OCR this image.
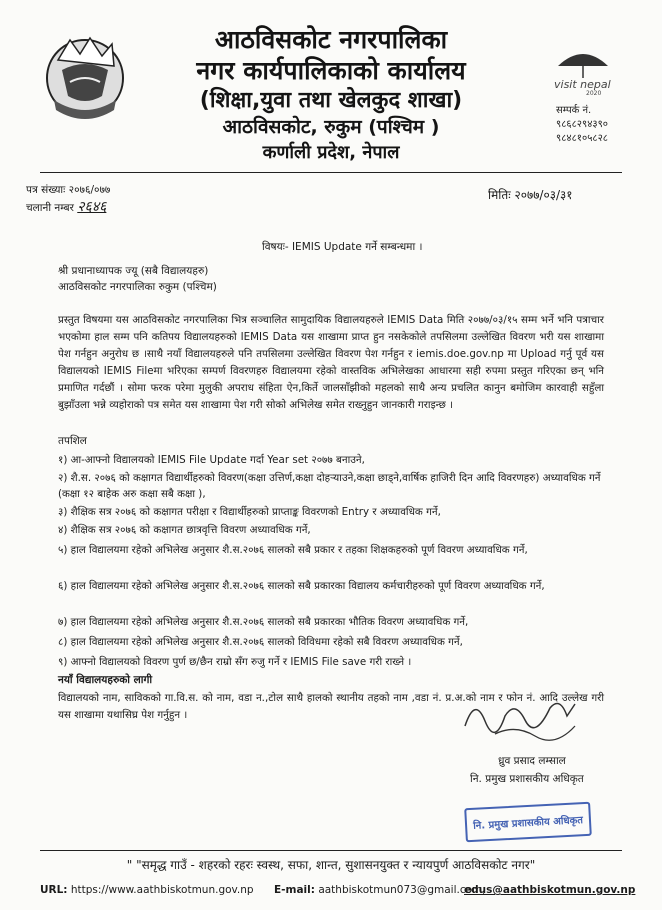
आठविसकोट नगरपालिका
नगर कार्यपालिकाको कार्यालय
(शिक्षा,युवा तथा खेलकुद शाखा)
आठविसकोट, रुकुम (पश्चिम )
कर्णाली प्रदेश, नेपाल
visit nepal
2020
सम्पर्क नं.
९८६८२९४३९०
९८४८१०५८२८
पत्र संख्याः २०७६/०७७
चलानी नम्बर २६४६
मितिः २०७७/०३/३१
विषयः- IEMIS Update गर्ने सम्बन्धमा ।
श्री प्रधानाध्यापक ज्यू (सबै विद्यालयहरु)
आठविसकोट नगरपालिका रुकुम (पश्चिम)
प्रस्तुत विषयमा यस आठविसकोट नगरपालिका भित्र सञ्चालित सामुदायिक विद्यालयहरुले IEMIS Data मिति २०७७/०३/१५ सम्म भर्ने भनि पत्राचार भएकोमा हाल सम्म पनि कतिपय विद्यालयहरुको IEMIS Data यस शाखामा प्राप्त हुन नसकेकोले तपसिलमा उल्लेखित विवरण भरी यस शाखामा पेश गर्नहुन अनुरोध छ ।साथै नयाँ विद्यालयहरुले पनि तपसिलमा उल्लेखित विवरण पेश गर्नहुन र iemis.doe.gov.np मा Upload गर्नु पूर्व यस विद्यालयको IEMIS Fileमा भरिएका सम्पर्ण विवरणहरु विद्यालयमा रहेको वास्तविक अभिलेखका आधारमा सही रुपमा प्रस्तुत गरिएका छन् भनि प्रमाणित गर्दछौं । सोमा फरक परेमा मुलुकी अपराध संहिता ऐन,किर्ते जालसाँझीको महलको साथै अन्य प्रचलित कानुन बमोजिम कारवाही सहुँला बुझाँउला भन्ने व्यहोराको पत्र समेत यस शाखामा पेश गरी सोको अभिलेख समेत राख्नुहुन जानकारी गराइन्छ ।
तपशिल
१) आ-आफ्नो विद्यालयको IEMIS File Update गर्दा Year set २०७७ बनाउने,
२) शै.स. २०७६ को कक्षागत विद्यार्थीहरुको विवरण(कक्षा उत्तिर्ण,कक्षा दोहऱ्याउने,कक्षा छाड्ने,वार्षिक हाजिरी दिन आदि विवरणहरु) अध्यावधिक गर्ने (कक्षा १२ बाहेक अरु कक्षा सबै कक्षा ),
३) शैक्षिक सत्र २०७६ को कक्षागत परीक्षा र विद्यार्थीहरुको प्राप्ताङ्क विवरणको Entry र अध्यावधिक गर्ने,
४) शैक्षिक सत्र २०७६ को कक्षागत छात्रवृत्ति विवरण अध्यावधिक गर्ने,
५) हाल विद्यालयमा रहेको अभिलेख अनुसार शै.स.२०७६ सालको सबै प्रकार र तहका शिक्षकहरुको पूर्ण विवरण अध्यावधिक गर्ने,
६) हाल विद्यालयमा रहेको अभिलेख अनुसार शै.स.२०७६ सालको सबै प्रकारका विद्यालय कर्मचारीहरुको पूर्ण विवरण अध्यावधिक गर्ने,
७) हाल विद्यालयमा रहेको अभिलेख अनुसार शै.स.२०७६ सालको सबै प्रकारका भौतिक विवरण अध्यावधिक गर्ने,
८) हाल विद्यालयमा रहेको अभिलेख अनुसार शै.स.२०७६ सालको विविधमा रहेको सबै विवरण अध्यावधिक गर्ने,
९) आफ्नो विद्यालयको विवरण पुर्ण छ/छैन राम्रो सँग रुजु गर्ने र IEMIS File save गरी राख्ने ।
नयाँ विद्यालयहरुको लागी
विद्यालयको नाम, साविकको गा.वि.स. को नाम, वडा न.,टोल साथै हालको स्थानीय तहको नाम ,वडा नं. प्र.अ.को नाम र फोन नं. आदि उल्लेख गरी यस शाखामा यथासिघ्र पेश गर्नुहुन ।
ध्रुव प्रसाद लम्साल
नि. प्रमुख प्रशासकीय अधिकृत
नि. प्रमुख प्रशासकीय अधिकृत
" "समृद्ध गाउँ - शहरको रहरः स्वस्थ, सफा, शान्त, सुशासनयुक्त र न्यायपुर्ण आठविसकोट नगर"
URL: https://www.aathbiskotmun.gov.np E-mail: aathbiskotmun073@gmail.com,
edus@aathbiskotmun.gov.np
